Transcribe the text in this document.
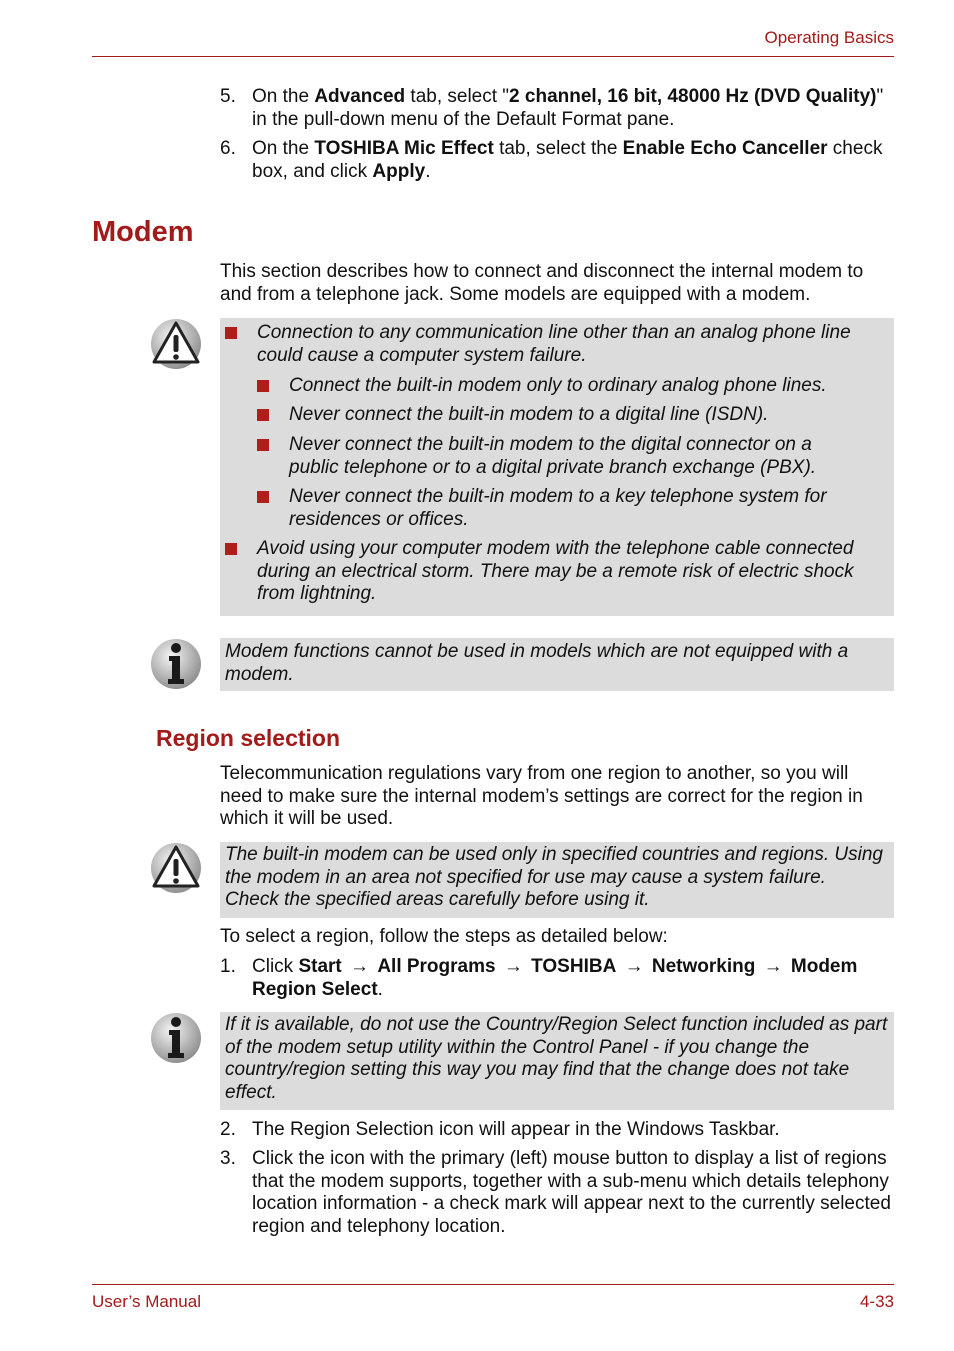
Operating Basics
5. On the Advanced tab, select "2 channel, 16 bit, 48000 Hz (DVD Quality)" in the pull-down menu of the Default Format pane.
6. On the TOSHIBA Mic Effect tab, select the Enable Echo Canceller check box, and click Apply.
Modem
This section describes how to connect and disconnect the internal modem to and from a telephone jack. Some models are equipped with a modem.
Connection to any communication line other than an analog phone line could cause a computer system failure.
Connect the built-in modem only to ordinary analog phone lines.
Never connect the built-in modem to a digital line (ISDN).
Never connect the built-in modem to the digital connector on a public telephone or to a digital private branch exchange (PBX).
Never connect the built-in modem to a key telephone system for residences or offices.
Avoid using your computer modem with the telephone cable connected during an electrical storm. There may be a remote risk of electric shock from lightning.

Modem functions cannot be used in models which are not equipped with a modem.

Region selection
Telecommunication regulations vary from one region to another, so you will need to make sure the internal modem’s settings are correct for the region in which it will be used.

The built-in modem can be used only in specified countries and regions. Using the modem in an area not specified for use may cause a system failure. Check the specified areas carefully before using it.

To select a region, follow the steps as detailed below:
1. Click Start → All Programs → TOSHIBA → Networking → Modem Region Select.

If it is available, do not use the Country/Region Select function included as part of the modem setup utility within the Control Panel - if you change the country/region setting this way you may find that the change does not take effect.

2. The Region Selection icon will appear in the Windows Taskbar.
3. Click the icon with the primary (left) mouse button to display a list of regions that the modem supports, together with a sub-menu which details telephony location information - a check mark will appear next to the currently selected region and telephony location.
User’s Manual	4-33
